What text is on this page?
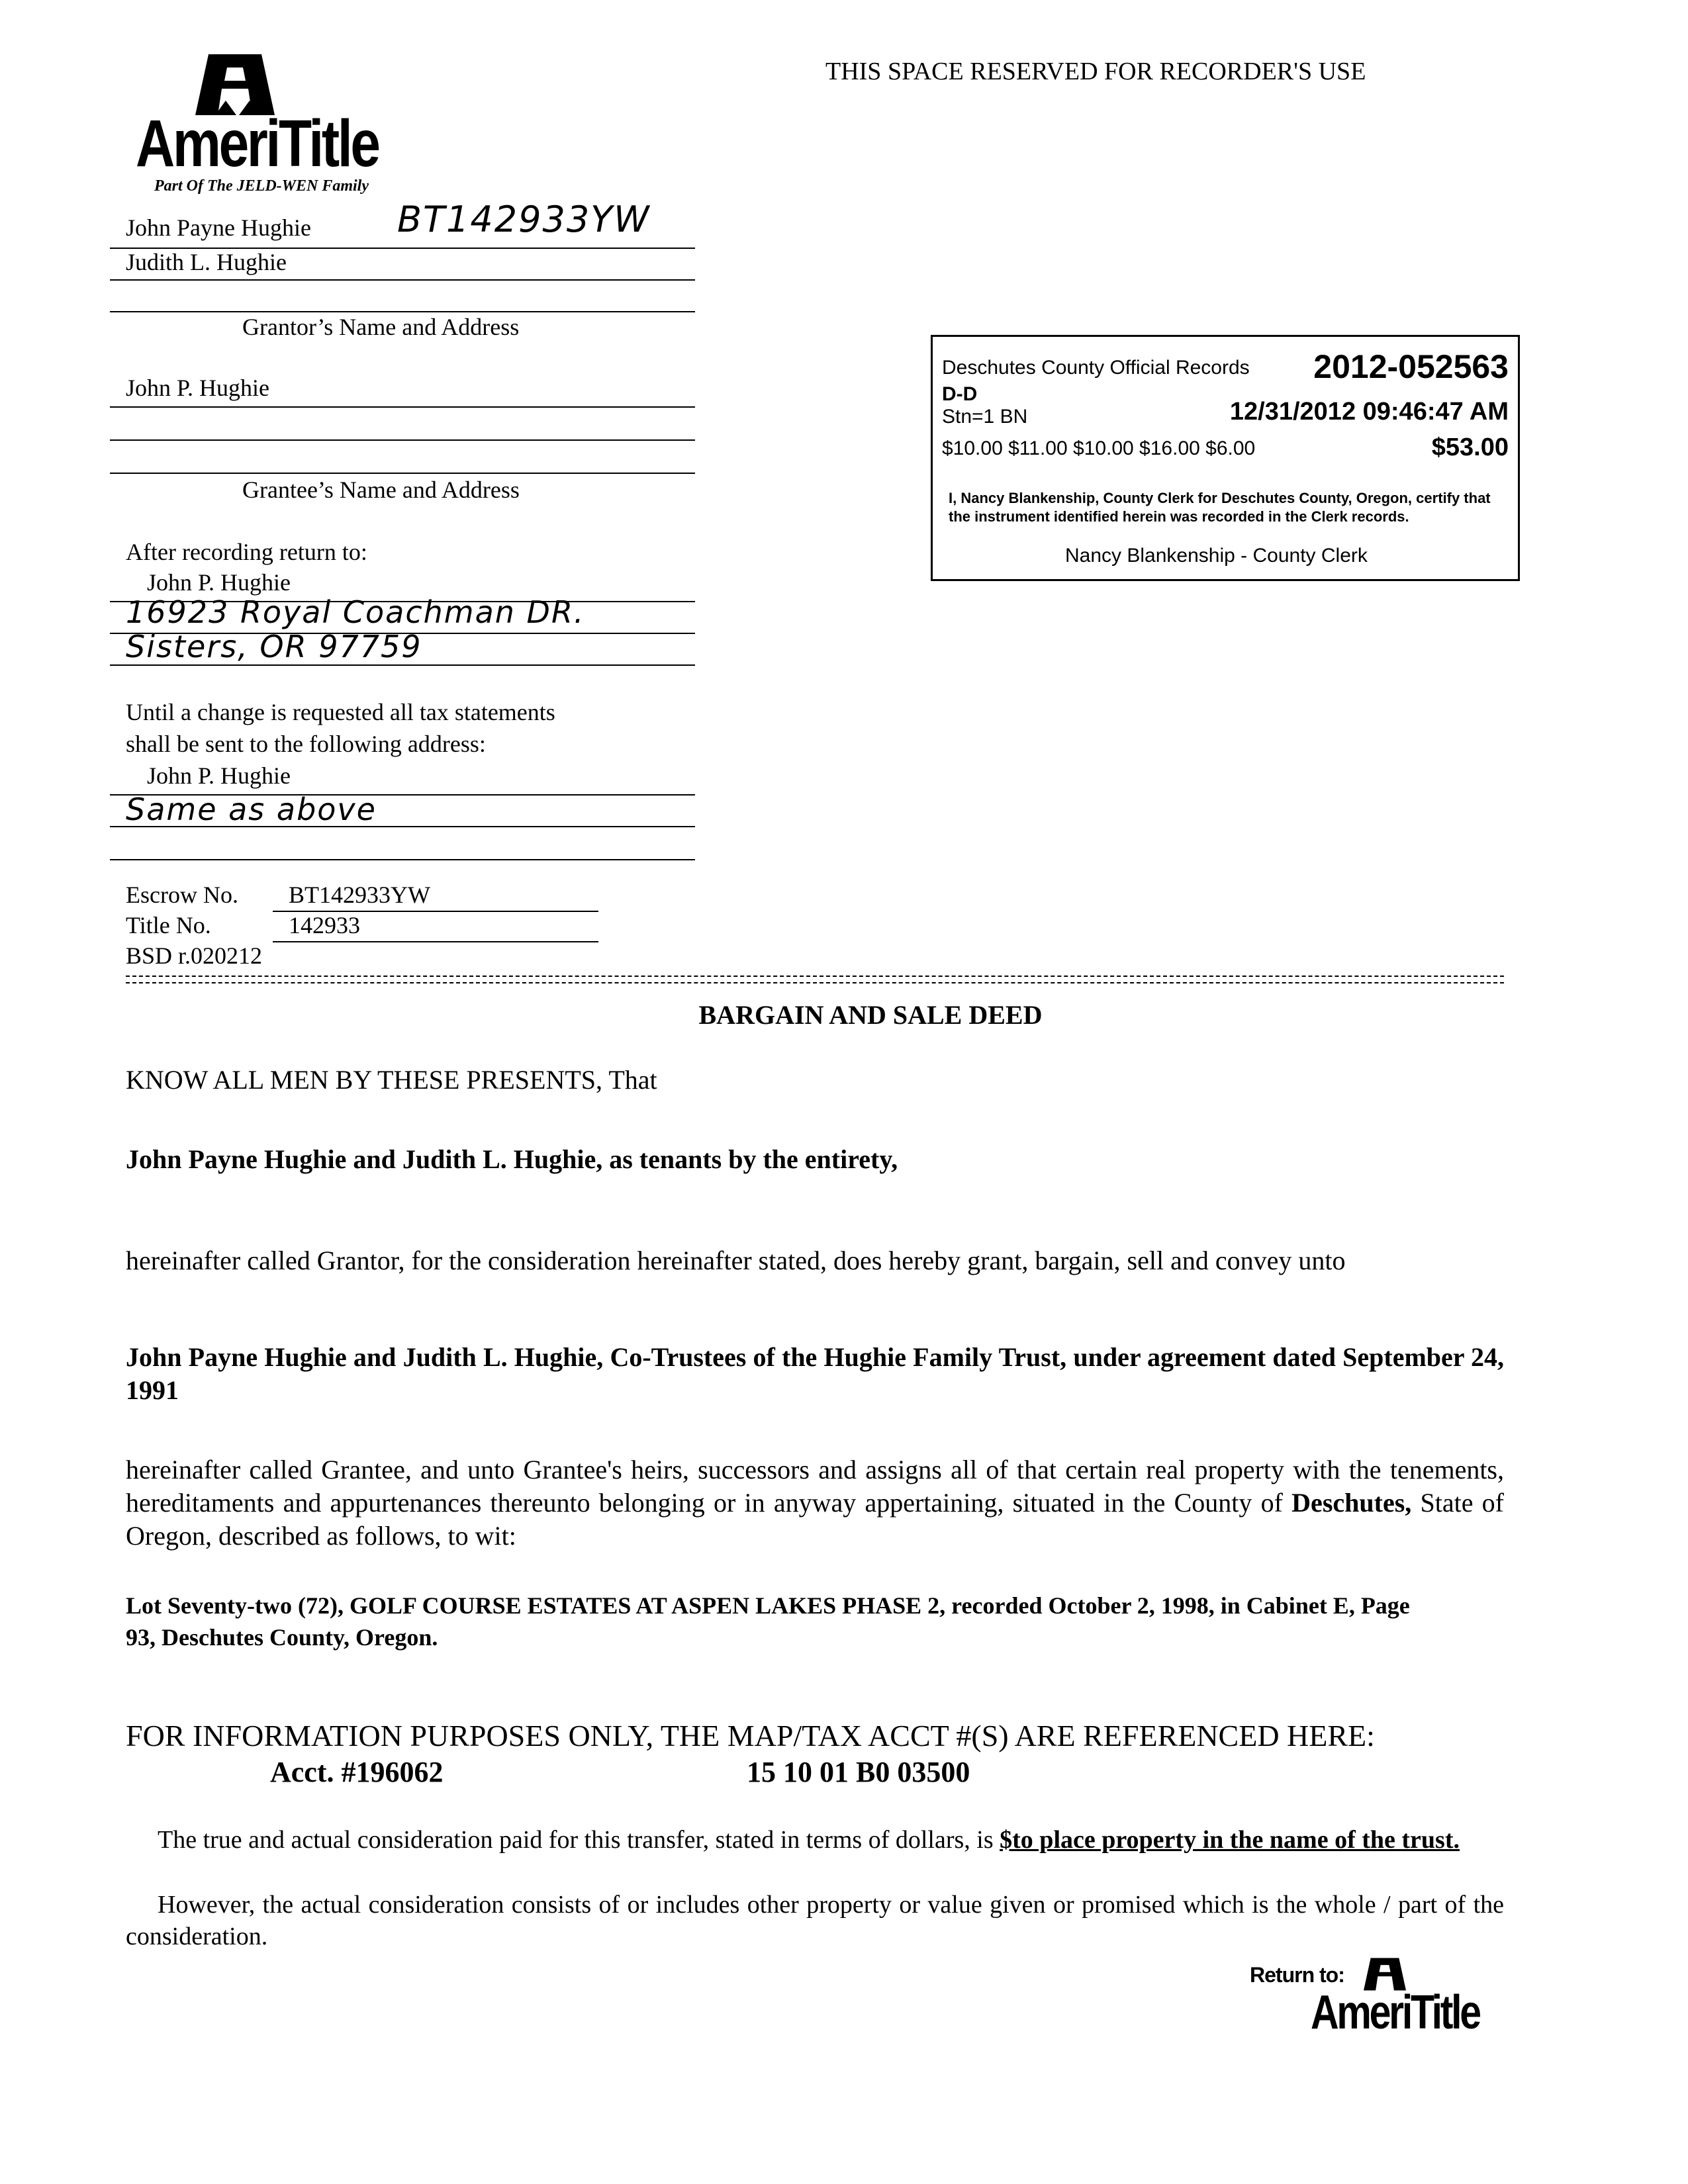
AmeriTitle
Part Of The JELD-WEN Family
THIS SPACE RESERVED FOR RECORDER'S USE
John Payne Hughie BT142933YW
Judith L. Hughie
Grantor’s Name and Address
John P. Hughie
Grantee’s Name and Address
After recording return to:
John P. Hughie
16923 Royal Coachman DR.
Sisters, OR 97759
Until a change is requested all tax statements
shall be sent to the following address:
John P. Hughie
Same as above
Escrow No. BT142933YW
Title No.	142933
BSD r.020212
Deschutes County Official Records 2012-052563
D-D
Stn=1 BN	12/31/2012 09:46:47 AM
$10.00 $11.00 $10.00 $16.00 $6.00	$53.00
I, Nancy Blankenship, County Clerk for Deschutes County, Oregon, certify that the instrument identified herein was recorded in the Clerk records.
Nancy Blankenship - County Clerk
BARGAIN AND SALE DEED
KNOW ALL MEN BY THESE PRESENTS, That
John Payne Hughie and Judith L. Hughie, as tenants by the entirety,
hereinafter called Grantor, for the consideration hereinafter stated, does hereby grant, bargain, sell and convey unto
John Payne Hughie and Judith L. Hughie, Co-Trustees of the Hughie Family Trust, under agreement dated September 24, 1991
hereinafter called Grantee, and unto Grantee's heirs, successors and assigns all of that certain real property with the tenements, hereditaments and appurtenances thereunto belonging or in anyway appertaining, situated in the County of Deschutes, State of Oregon, described as follows, to wit:
Lot Seventy-two (72), GOLF COURSE ESTATES AT ASPEN LAKES PHASE 2, recorded October 2, 1998, in Cabinet E, Page 93, Deschutes County, Oregon.
FOR INFORMATION PURPOSES ONLY, THE MAP/TAX ACCT #(S) ARE REFERENCED HERE:
Acct. #196062	15 10 01 B0 03500
The true and actual consideration paid for this transfer, stated in terms of dollars, is $to place property in the name of the trust.
However, the actual consideration consists of or includes other property or value given or promised which is the whole / part of the consideration.
Return to:
AmeriTitle
